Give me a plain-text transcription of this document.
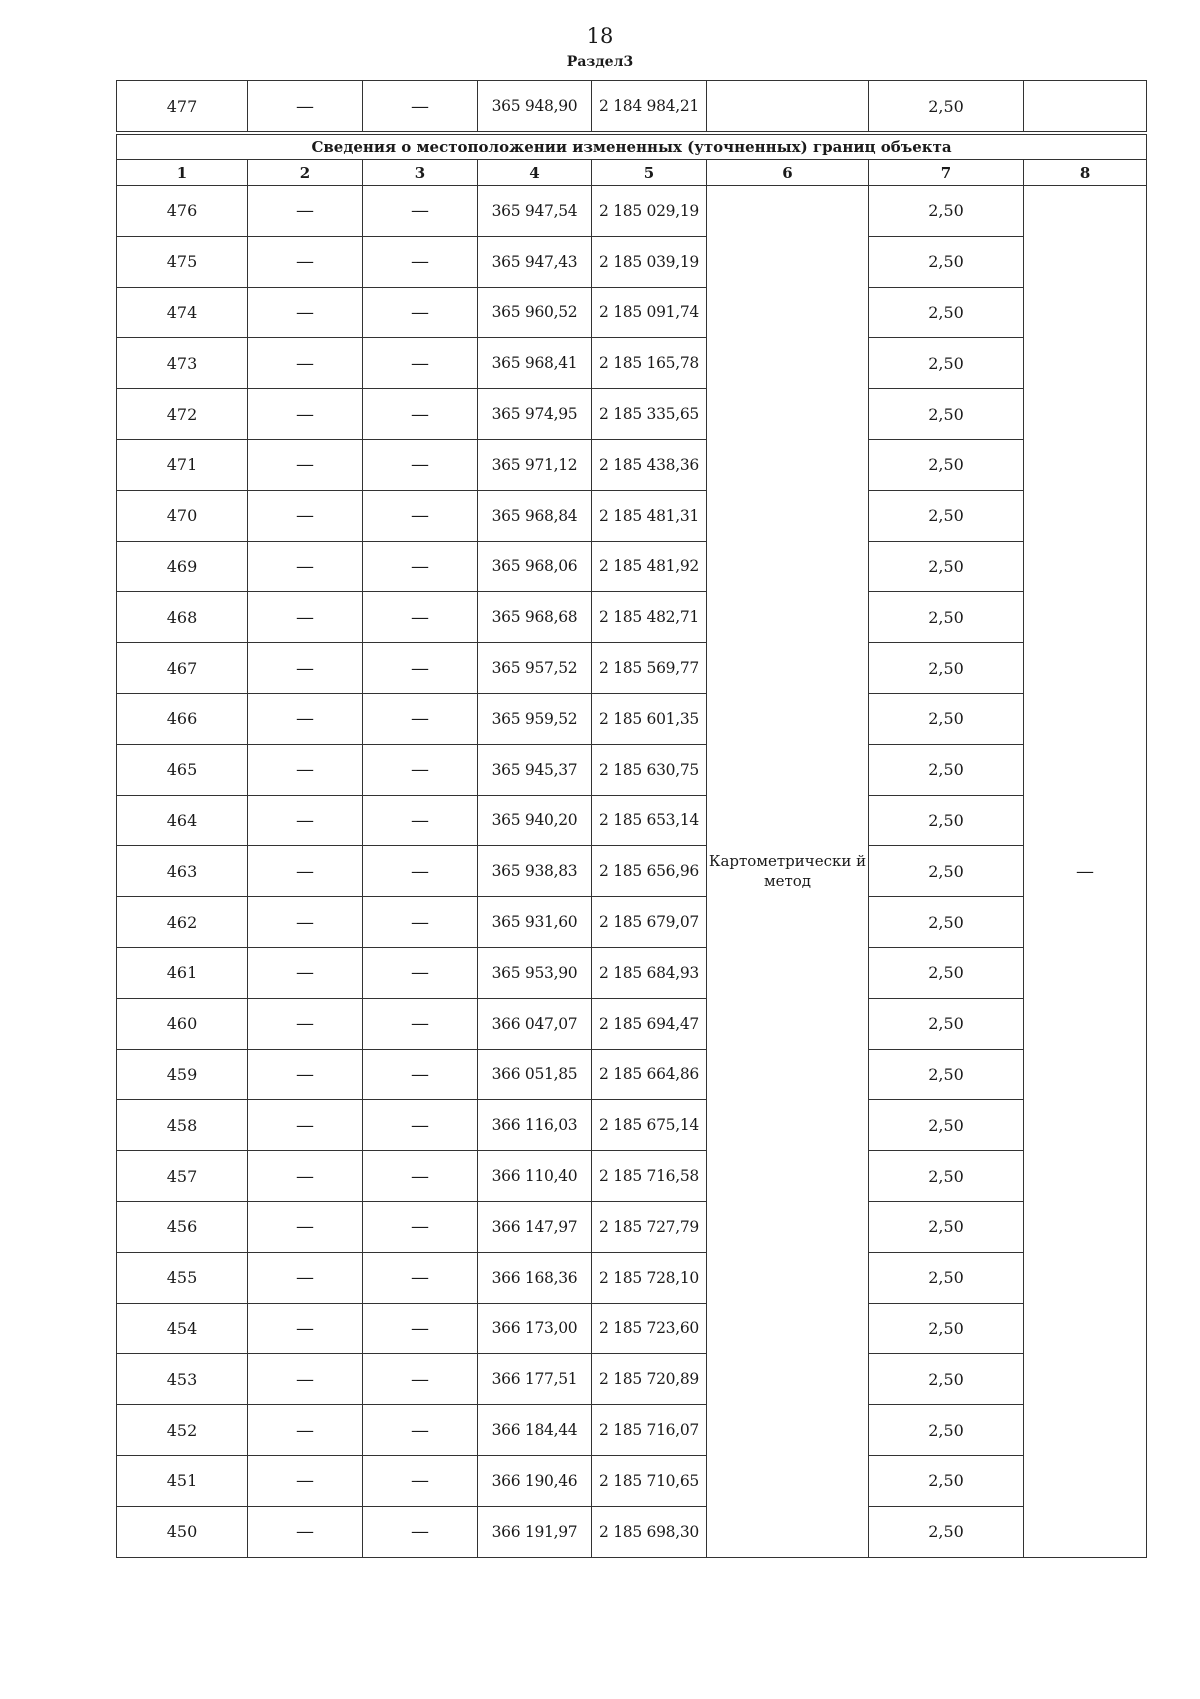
18
Раздел3
477	—	—	365 948,90	2 184 984,21		2,50	
Сведения о местоположении измененных (уточненных) границ объекта							
1	2	3	4	5	6	7	8
476	—	—	365 947,54	2 185 029,19	Картометрически й метод	2,50	—
475	—	—	365 947,43	2 185 039,19		2,50	
474	—	—	365 960,52	2 185 091,74		2,50	
473	—	—	365 968,41	2 185 165,78		2,50	
472	—	—	365 974,95	2 185 335,65		2,50	
471	—	—	365 971,12	2 185 438,36		2,50	
470	—	—	365 968,84	2 185 481,31		2,50	
469	—	—	365 968,06	2 185 481,92		2,50	
468	—	—	365 968,68	2 185 482,71		2,50	
467	—	—	365 957,52	2 185 569,77		2,50	
466	—	—	365 959,52	2 185 601,35		2,50	
465	—	—	365 945,37	2 185 630,75		2,50	
464	—	—	365 940,20	2 185 653,14		2,50	
463	—	—	365 938,83	2 185 656,96		2,50	
462	—	—	365 931,60	2 185 679,07		2,50	
461	—	—	365 953,90	2 185 684,93		2,50	
460	—	—	366 047,07	2 185 694,47		2,50	
459	—	—	366 051,85	2 185 664,86		2,50	
458	—	—	366 116,03	2 185 675,14		2,50	
457	—	—	366 110,40	2 185 716,58		2,50	
456	—	—	366 147,97	2 185 727,79		2,50	
455	—	—	366 168,36	2 185 728,10		2,50	
454	—	—	366 173,00	2 185 723,60		2,50	
453	—	—	366 177,51	2 185 720,89		2,50	
452	—	—	366 184,44	2 185 716,07		2,50	
451	—	—	366 190,46	2 185 710,65		2,50	
450	—	—	366 191,97	2 185 698,30		2,50	
